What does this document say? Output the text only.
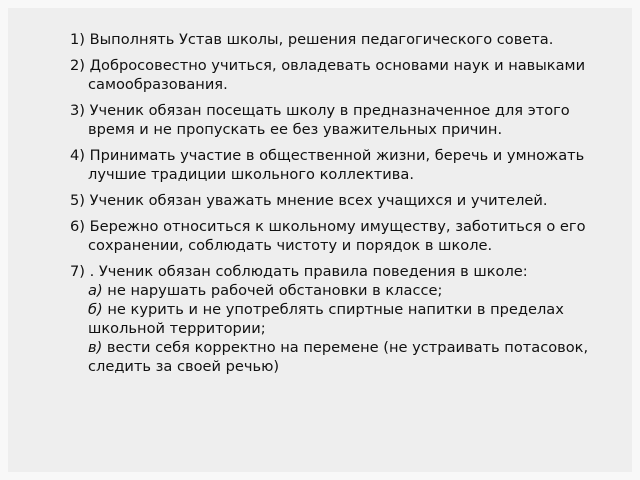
1) Выполнять Устав школы, решения педагогического совета.

2) Добросовестно учиться, овладевать основами наук и навыками самообразования.

3) Ученик обязан посещать школу в предназначенное для этого время и не пропускать ее без уважительных причин.

4) Принимать участие в общественной жизни, беречь и умножать лучшие традиции школьного коллектива.

5) Ученик обязан уважать мнение всех учащихся и учителей.

6) Бережно относиться к школьному имуществу, заботиться о его сохранении, соблюдать чистоту и порядок в школе.

7) . Ученик обязан соблюдать правила поведения в школе:
а) не нарушать рабочей обстановки в классе;
б) не курить и не употреблять спиртные напитки в пределах школьной территории;
в) вести себя корректно на перемене (не устраивать потасовок, следить за своей речью)
